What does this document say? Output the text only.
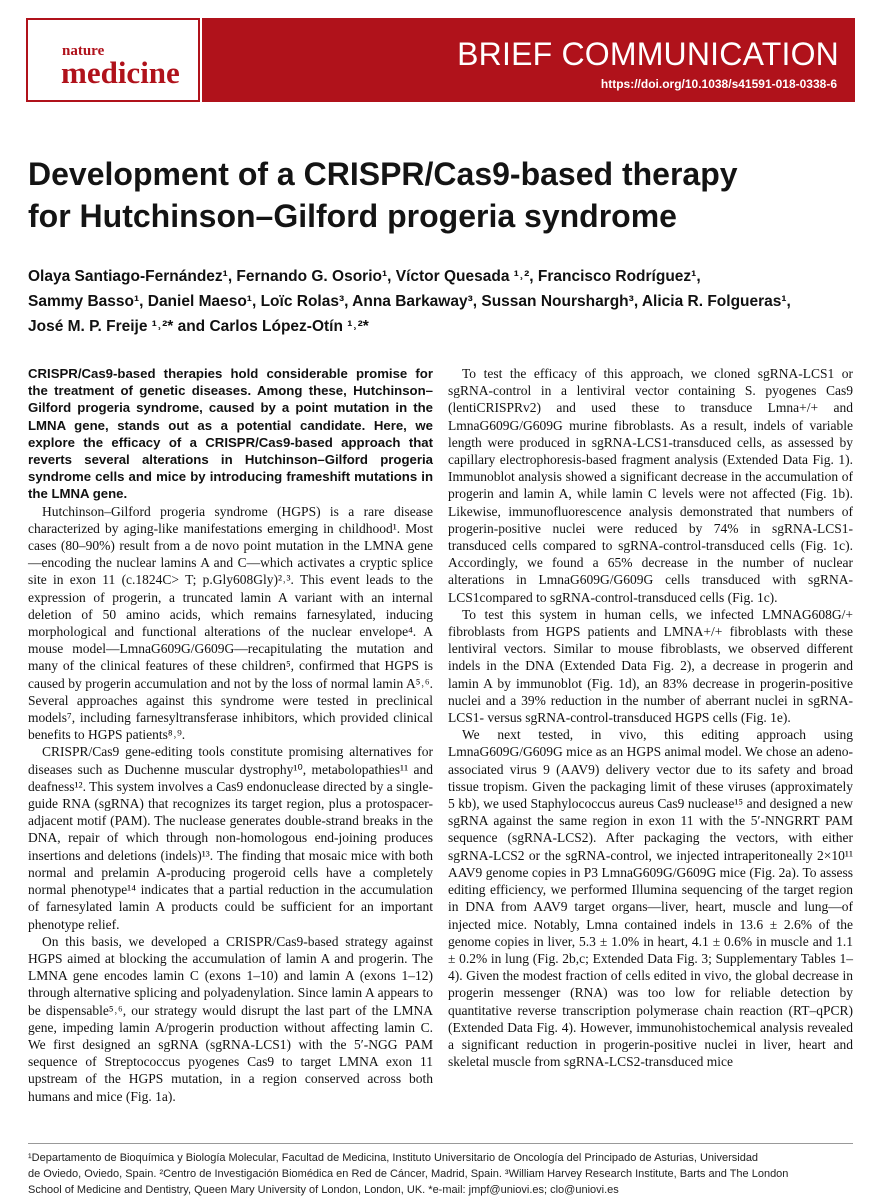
nature
medicine
BRIEF COMMUNICATION
https://doi.org/10.1038/s41591-018-0338-6
Development of a CRISPR/Cas9-based therapy
for Hutchinson–Gilford progeria syndrome
Olaya Santiago-Fernández¹, Fernando G. Osorio¹, Víctor Quesada ¹˒², Francisco Rodríguez¹,
Sammy Basso¹, Daniel Maeso¹, Loïc Rolas³, Anna Barkaway³, Sussan Nourshargh³, Alicia R. Folgueras¹,
José M. P. Freije ¹˒²* and Carlos López-Otín ¹˒²*

CRISPR/Cas9-based therapies hold considerable promise for the treatment of genetic diseases. Among these, Hutchinson–Gilford progeria syndrome, caused by a point mutation in the LMNA gene, stands out as a potential candidate. Here, we explore the efficacy of a CRISPR/Cas9-based approach that reverts several alterations in Hutchinson–Gilford progeria syndrome cells and mice by introducing frameshift mutations in the LMNA gene.

Hutchinson–Gilford progeria syndrome (HGPS) is a rare disease characterized by aging-like manifestations emerging in childhood¹. Most cases (80–90%) result from a de novo point mutation in the LMNA gene—encoding the nuclear lamins A and C—which activates a cryptic splice site in exon 11 (c.1824C> T; p.Gly608Gly)²˒³. This event leads to the expression of progerin, a truncated lamin A variant with an internal deletion of 50 amino acids, which remains farnesylated, inducing morphological and functional alterations of the nuclear envelope⁴. A mouse model—LmnaG609G/G609G—recapitulating the mutation and many of the clinical features of these children⁵, confirmed that HGPS is caused by progerin accumulation and not by the loss of normal lamin A⁵˒⁶. Several approaches against this syndrome were tested in preclinical models⁷, including farnesyltransferase inhibitors, which provided clinical benefits to HGPS patients⁸˒⁹.

CRISPR/Cas9 gene-editing tools constitute promising alternatives for diseases such as Duchenne muscular dystrophy¹⁰, metabolopathies¹¹ and deafness¹². This system involves a Cas9 endonuclease directed by a single-guide RNA (sgRNA) that recognizes its target region, plus a protospacer-adjacent motif (PAM). The nuclease generates double-strand breaks in the DNA, repair of which through non-homologous end-joining produces insertions and deletions (indels)¹³. The finding that mosaic mice with both normal and prelamin A-producing progeroid cells have a completely normal phenotype¹⁴ indicates that a partial reduction in the accumulation of farnesylated lamin A products could be sufficient for an important phenotype relief.

On this basis, we developed a CRISPR/Cas9-based strategy against HGPS aimed at blocking the accumulation of lamin A and progerin. The LMNA gene encodes lamin C (exons 1–10) and lamin A (exons 1–12) through alternative splicing and polyadenylation. Since lamin A appears to be dispensable⁵˒⁶, our strategy would disrupt the last part of the LMNA gene, impeding lamin A/progerin production without affecting lamin C. We first designed an sgRNA (sgRNA-LCS1) with the 5′-NGG PAM sequence of Streptococcus pyogenes Cas9 to target LMNA exon 11 upstream of the HGPS mutation, in a region conserved across both humans and mice (Fig. 1a).

To test the efficacy of this approach, we cloned sgRNA-LCS1 or sgRNA-control in a lentiviral vector containing S. pyogenes Cas9 (lentiCRISPRv2) and used these to transduce Lmna+/+ and LmnaG609G/G609G murine fibroblasts. As a result, indels of variable length were produced in sgRNA-LCS1-transduced cells, as assessed by capillary electrophoresis-based fragment analysis (Extended Data Fig. 1). Immunoblot analysis showed a significant decrease in the accumulation of progerin and lamin A, while lamin C levels were not affected (Fig. 1b). Likewise, immunofluorescence analysis demonstrated that numbers of progerin-positive nuclei were reduced by 74% in sgRNA-LCS1-transduced cells compared to sgRNA-control-transduced cells (Fig. 1c). Accordingly, we found a 65% decrease in the number of nuclear alterations in LmnaG609G/G609G cells transduced with sgRNA-LCS1compared to sgRNA-control-transduced cells (Fig. 1c).

To test this system in human cells, we infected LMNAG608G/+ fibroblasts from HGPS patients and LMNA+/+ fibroblasts with these lentiviral vectors. Similar to mouse fibroblasts, we observed different indels in the DNA (Extended Data Fig. 2), a decrease in progerin and lamin A by immunoblot (Fig. 1d), an 83% decrease in progerin-positive nuclei and a 39% reduction in the number of aberrant nuclei in sgRNA-LCS1- versus sgRNA-control-transduced HGPS cells (Fig. 1e).

We next tested, in vivo, this editing approach using LmnaG609G/G609G mice as an HGPS animal model. We chose an adeno-associated virus 9 (AAV9) delivery vector due to its safety and broad tissue tropism. Given the packaging limit of these viruses (approximately 5 kb), we used Staphylococcus aureus Cas9 nuclease¹⁵ and designed a new sgRNA against the same region in exon 11 with the 5′-NNGRRT PAM sequence (sgRNA-LCS2). After packaging the vectors, with either sgRNA-LCS2 or the sgRNA-control, we injected intraperitoneally 2×10¹¹ AAV9 genome copies in P3 LmnaG609G/G609G mice (Fig. 2a). To assess editing efficiency, we performed Illumina sequencing of the target region in DNA from AAV9 target organs—liver, heart, muscle and lung—of injected mice. Notably, Lmna contained indels in 13.6 ± 2.6% of the genome copies in liver, 5.3 ± 1.0% in heart, 4.1 ± 0.6% in muscle and 1.1 ± 0.2% in lung (Fig. 2b,c; Extended Data Fig. 3; Supplementary Tables 1–4). Given the modest fraction of cells edited in vivo, the global decrease in progerin messenger (RNA) was too low for reliable detection by quantitative reverse transcription polymerase chain reaction (RT–qPCR) (Extended Data Fig. 4). However, immunohistochemical analysis revealed a significant reduction in progerin-positive nuclei in liver, heart and skeletal muscle from sgRNA-LCS2-transduced mice

¹Departamento de Bioquímica y Biología Molecular, Facultad de Medicina, Instituto Universitario de Oncología del Principado de Asturias, Universidad
de Oviedo, Oviedo, Spain. ²Centro de Investigación Biomédica en Red de Cáncer, Madrid, Spain. ³William Harvey Research Institute, Barts and The London
School of Medicine and Dentistry, Queen Mary University of London, London, UK. *e-mail: jmpf@uniovi.es; clo@uniovi.es
